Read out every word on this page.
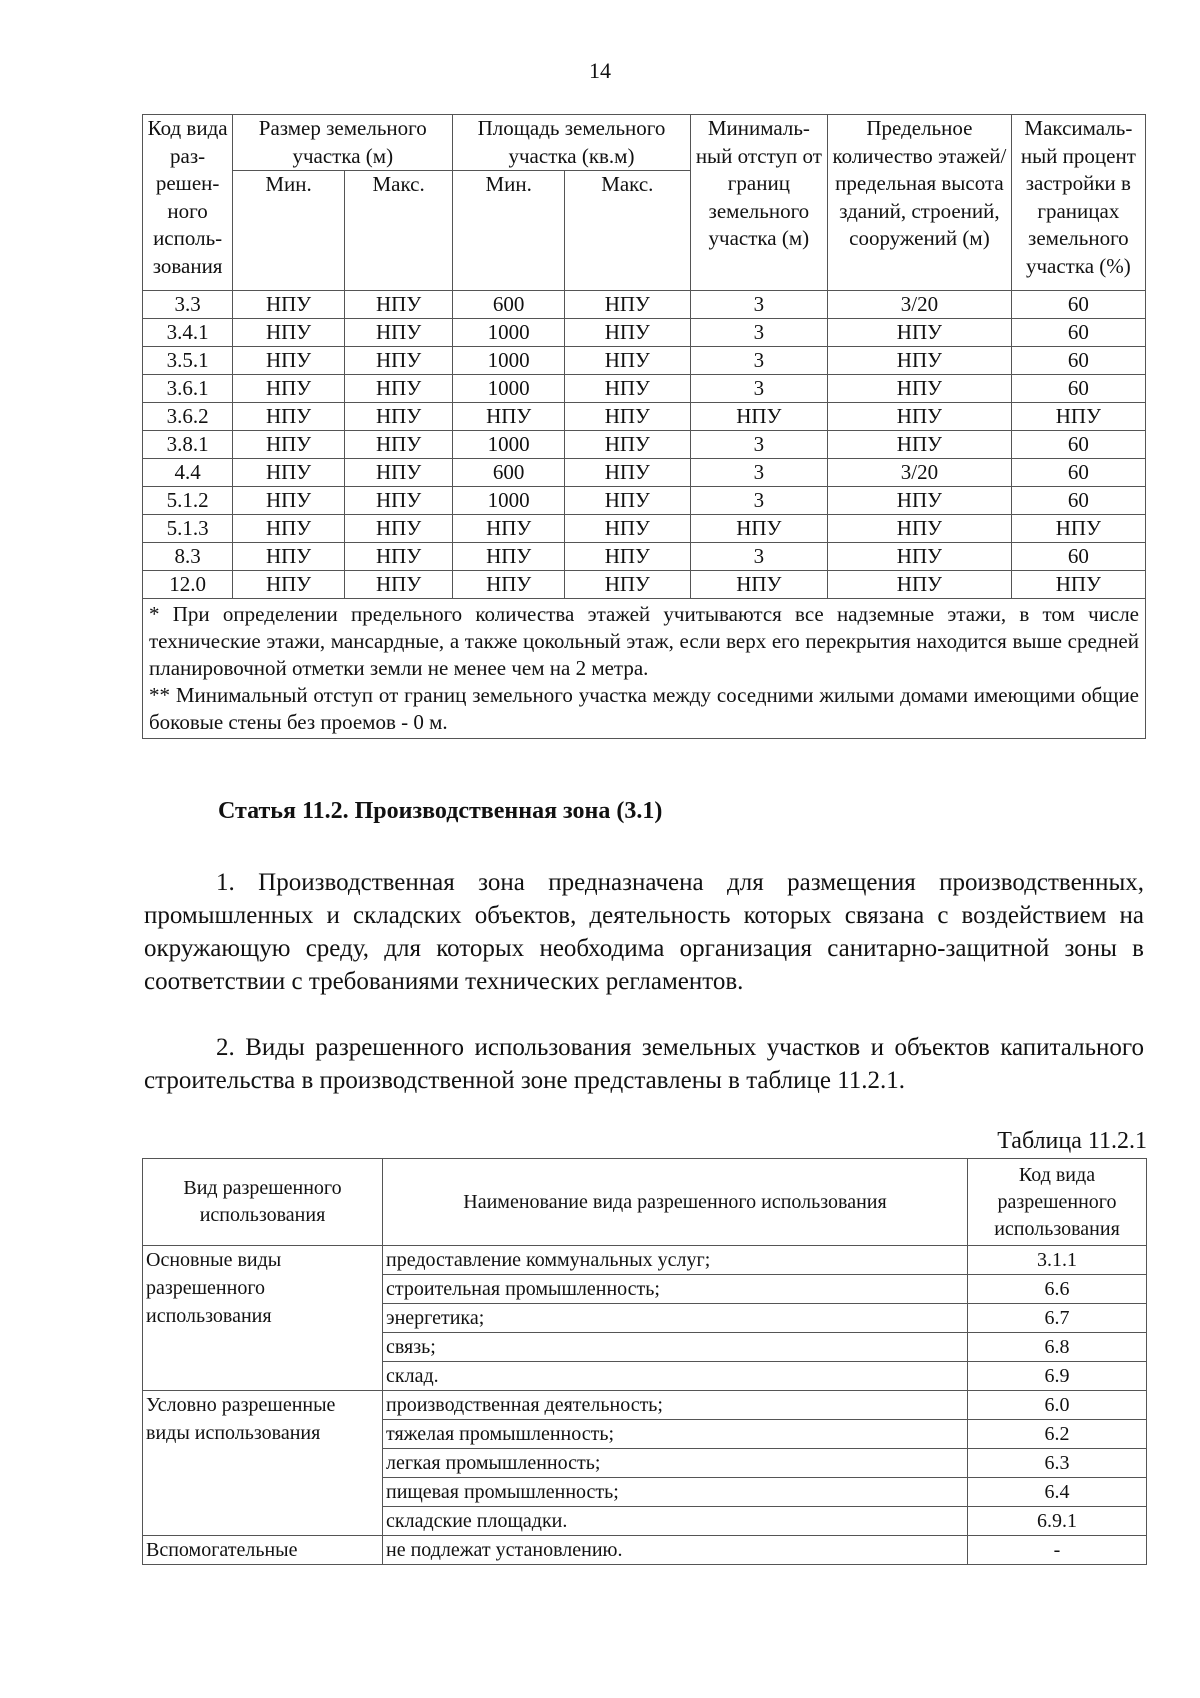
14
Код вида раз-решен-ного исполь-зования	Размер земельного участка (м)		Площадь земельного участка (кв.м)		Минималь-ный отступ от границ земельного участка (м)	Предельное количество этажей/ предельная высота зданий, строений, сооружений (м)	Максималь-ный процент застройки в границах земельного участка (%)
	Мин.	Макс.	Мин.	Макс.			
3.3	НПУ	НПУ	600	НПУ	3	3/20	60
3.4.1	НПУ	НПУ	1000	НПУ	3	НПУ	60
3.5.1	НПУ	НПУ	1000	НПУ	3	НПУ	60
3.6.1	НПУ	НПУ	1000	НПУ	3	НПУ	60
3.6.2	НПУ	НПУ	НПУ	НПУ	НПУ	НПУ	НПУ
3.8.1	НПУ	НПУ	1000	НПУ	3	НПУ	60
4.4	НПУ	НПУ	600	НПУ	3	3/20	60
5.1.2	НПУ	НПУ	1000	НПУ	3	НПУ	60
5.1.3	НПУ	НПУ	НПУ	НПУ	НПУ	НПУ	НПУ
8.3	НПУ	НПУ	НПУ	НПУ	3	НПУ	60
12.0	НПУ	НПУ	НПУ	НПУ	НПУ	НПУ	НПУ

* При определении предельного количества этажей учитываются все надземные этажи, в том числе технические этажи, мансардные, а также цокольный этаж, если верх его перекрытия находится выше средней планировочной отметки земли не менее чем на 2 метра.

** Минимальный отступ от границ земельного участка между соседними жилыми домами имеющими общие боковые стены без проемов - 0 м.							

Статья 11.2. Производственная зона (3.1)

1. Производственная зона предназначена для размещения производственных, промышленных и складских объектов, деятельность которых связана с воздействием на окружающую среду, для которых необходима организация санитарно-защитной зоны в соответствии с требованиями технических регламентов.

2. Виды разрешенного использования земельных участков и объектов капитального строительства в производственной зоне представлены в таблице 11.2.1.

Таблица 11.2.1
Вид разрешенного использования	Наименование вида разрешенного использования	Код вида разрешенного использования
Основные виды разрешенного использования	предоставление коммунальных услуг;	3.1.1
	строительная промышленность;	6.6
	энергетика;	6.7
	связь;	6.8
	склад.	6.9
Условно разрешенные виды использования	производственная деятельность;	6.0
	тяжелая промышленность;	6.2
	легкая промышленность;	6.3
	пищевая промышленность;	6.4
	складские площадки.	6.9.1
Вспомогательные	не подлежат установлению.	-
